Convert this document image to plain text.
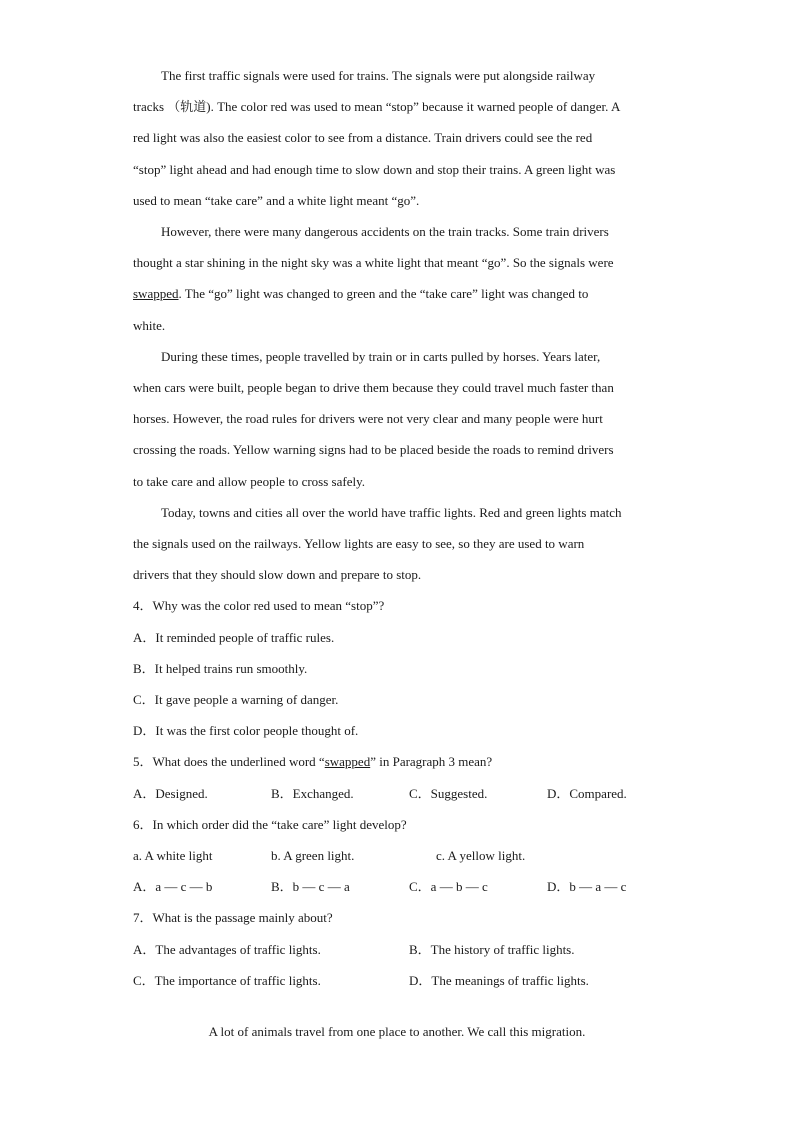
The first traffic signals were used for trains. The signals were put alongside railway

tracks （轨道). The color red was used to mean “stop” because it warned people of danger. A

red light was also the easiest color to see from a distance. Train drivers could see the red

“stop” light ahead and had enough time to slow down and stop their trains. A green light was

used to mean “take care” and a white light meant “go”.

However, there were many dangerous accidents on the train tracks. Some train drivers

thought a star shining in the night sky was a white light that meant “go”. So the signals were

swapped. The “go” light was changed to green and the “take care” light was changed to

white.

During these times, people travelled by train or in carts pulled by horses. Years later,

when cars were built, people began to drive them because they could travel much faster than

horses. However, the road rules for drivers were not very clear and many people were hurt

crossing the roads. Yellow warning signs had to be placed beside the roads to remind drivers

to take care and allow people to cross safely.

Today, towns and cities all over the world have traffic lights. Red and green lights match

the signals used on the railways. Yellow lights are easy to see, so they are used to warn

drivers that they should slow down and prepare to stop.

4．Why was the color red used to mean “stop”?

A．It reminded people of traffic rules.

B．It helped trains run smoothly.

C．It gave people a warning of danger.

D．It was the first color people thought of.

5．What does the underlined word “swapped” in Paragraph 3 mean?

A．Designed.	B．Exchanged.	C．Suggested.	D．Compared.

6．In which order did the “take care” light develop?

a. A white light	b. A green light.	c. A yellow light.
A．a — c — b	B．b — c — a	C．a — b — c	D．b — a — c

7．What is the passage mainly about?

A．The advantages of traffic lights.	B．The history of traffic lights.
C．The importance of traffic lights.	D．The meanings of traffic lights.
A lot of animals travel from one place to another. We call this migration.
